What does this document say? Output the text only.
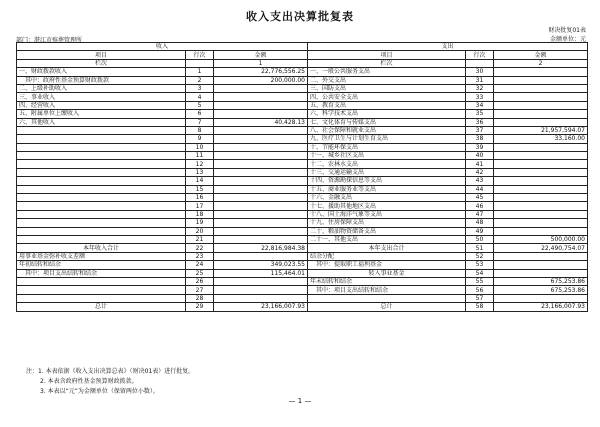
收入支出决算批复表
部门：湛江市殡葬管理所
财决批复01表
金额单位：元
收入			支出		
项目	行次	金额	项目	行次	金额
栏次		1	栏次		2
一、财政拨款收入	1	22,776,556.25	一、一般公共服务支出	30	
其中：政府性基金预算财政拨款	2	200,000.00	二、外交支出	31	
二、上级补助收入	3		三、国防支出	32	
三、事业收入	4		四、公共安全支出	33	
四、经营收入	5		五、教育支出	34	
五、附属单位上缴收入	6		六、科学技术支出	35	
六、其他收入	7	40,428.13	七、文化体育与传媒支出	36	
	8		八、社会保障和就业支出	37	21,957,594.07
	9		九、医疗卫生与计划生育支出	38	33,160.00
	10		十、节能环保支出	39	
	11		十一、城乡社区支出	40	
	12		十二、农林水支出	41	
	13		十三、交通运输支出	42	
	14		十四、资源勘探信息等支出	43	
	15		十五、商业服务业等支出	44	
	16		十六、金融支出	45	
	17		十七、援助其他地区支出	46	
	18		十八、国土海洋气象等支出	47	
	19		十九、住房保障支出	48	
	20		二十、粮油物资储备支出	49	
	21		二十一、其他支出	50	500,000.00
本年收入合计	22	22,816,984.38	本年支出合计	51	22,490,754.07
用事业基金弥补收支差额	23		结余分配	52	
年初结转和结余	24	349,023.55	其中：提取职工福利基金	53	
其中：项目支出结转和结余	25	115,464.01	转入事业基金	54	
	26		年末结转和结余	55	675,253.86
	27		其中：项目支出结转和结余	56	675,253.86
	28			57	
总计	29	23,166,007.93	总计	58	23,166,007.93
注：1. 本表依据《收入支出决算总表》（财决01表）进行批复。
2. 本表含政府性基金预算财政拨款。
3. 本表以“元”为金额单位（保留两位小数）。
— 1 —
